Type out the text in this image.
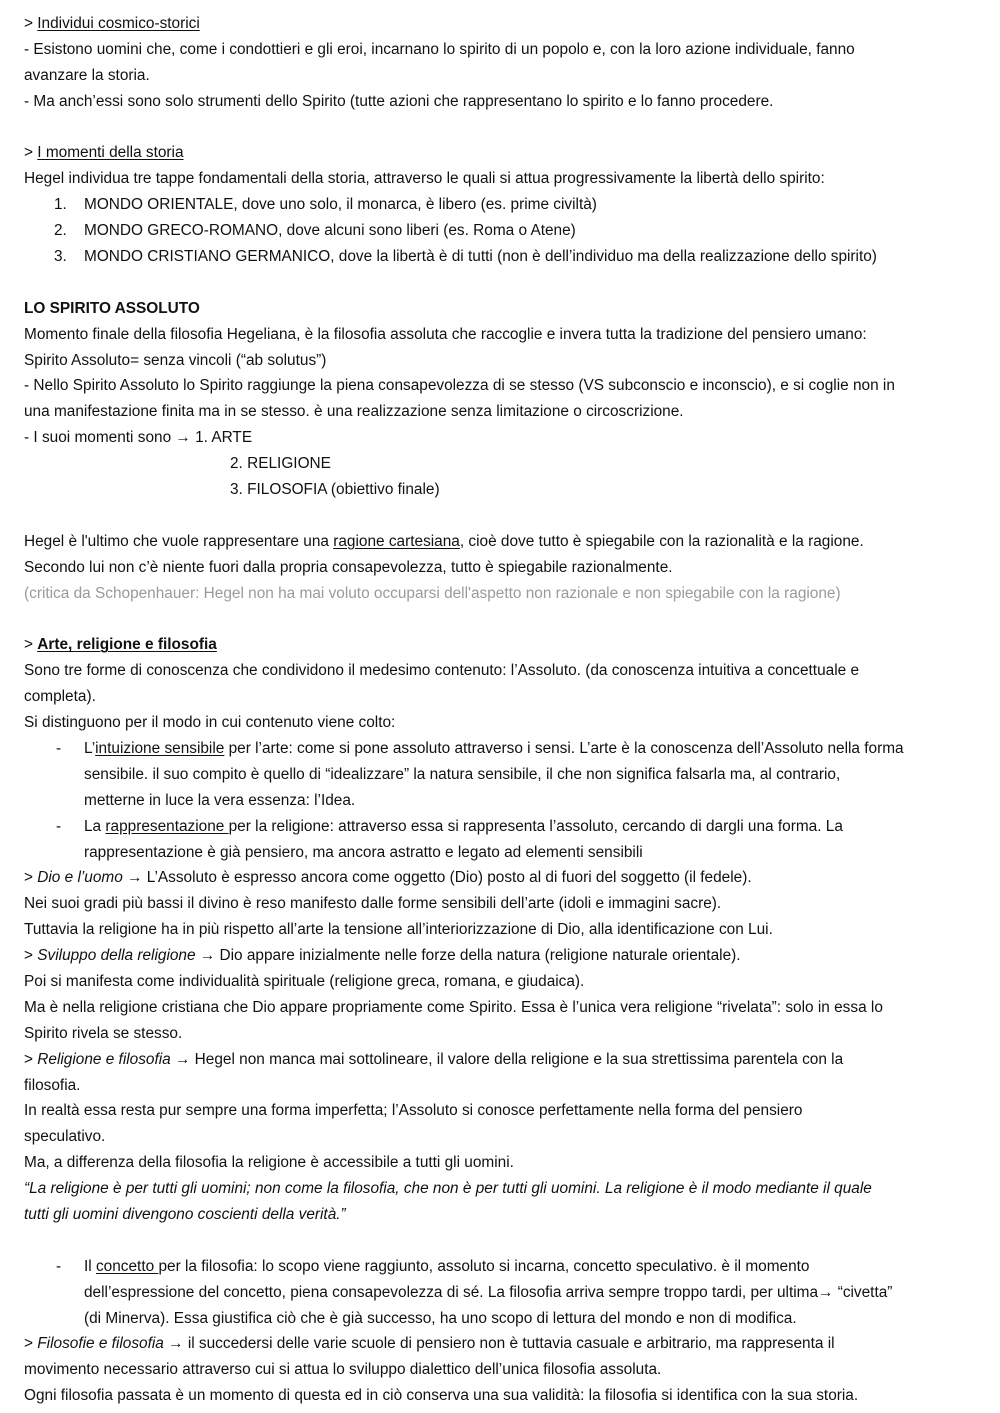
> Individui cosmico-storici
- Esistono uomini che, come i condottieri e gli eroi, incarnano lo spirito di un popolo e, con la loro azione individuale, fanno
avanzare la storia.
- Ma anch’essi sono solo strumenti dello Spirito (tutte azioni che rappresentano lo spirito e lo fanno procedere.
> I momenti della storia
Hegel individua tre tappe fondamentali della storia, attraverso le quali si attua progressivamente la libertà dello spirito:
1. MONDO ORIENTALE, dove uno solo, il monarca, è libero (es. prime civiltà)
2. MONDO GRECO-ROMANO, dove alcuni sono liberi (es. Roma o Atene)
3. MONDO CRISTIANO GERMANICO, dove la libertà è di tutti (non è dell’individuo ma della realizzazione dello spirito)
LO SPIRITO ASSOLUTO
Momento finale della filosofia Hegeliana, è la filosofia assoluta che raccoglie e invera tutta la tradizione del pensiero umano:
Spirito Assoluto= senza vincoli (“ab solutus”)
- Nello Spirito Assoluto lo Spirito raggiunge la piena consapevolezza di se stesso (VS subconscio e inconscio), e si coglie non in
una manifestazione finita ma in se stesso. è una realizzazione senza limitazione o circoscrizione.
- I suoi momenti sono → 1. ARTE
2. RELIGIONE
3. FILOSOFIA (obiettivo finale)
Hegel è l'ultimo che vuole rappresentare una ragione cartesiana, cioè dove tutto è spiegabile con la razionalità e la ragione.
Secondo lui non c’è niente fuori dalla propria consapevolezza, tutto è spiegabile razionalmente.
(critica da Schopenhauer: Hegel non ha mai voluto occuparsi dell'aspetto non razionale e non spiegabile con la ragione)
> Arte, religione e filosofia
Sono tre forme di conoscenza che condividono il medesimo contenuto: l’Assoluto. (da conoscenza intuitiva a concettuale e
completa).
Si distinguono per il modo in cui contenuto viene colto:
- L’intuizione sensibile per l’arte: come si pone assoluto attraverso i sensi. L’arte è la conoscenza dell’Assoluto nella forma
sensibile. il suo compito è quello di “idealizzare” la natura sensibile, il che non significa falsarla ma, al contrario,
metterne in luce la vera essenza: l’Idea.
- La rappresentazione per la religione: attraverso essa si rappresenta l’assoluto, cercando di dargli una forma. La
rappresentazione è già pensiero, ma ancora astratto e legato ad elementi sensibili
> Dio e l’uomo → L’Assoluto è espresso ancora come oggetto (Dio) posto al di fuori del soggetto (il fedele).
Nei suoi gradi più bassi il divino è reso manifesto dalle forme sensibili dell’arte (idoli e immagini sacre).
Tuttavia la religione ha in più rispetto all’arte la tensione all’interiorizzazione di Dio, alla identificazione con Lui.
> Sviluppo della religione → Dio appare inizialmente nelle forze della natura (religione naturale orientale).
Poi si manifesta come individualità spirituale (religione greca, romana, e giudaica).
Ma è nella religione cristiana che Dio appare propriamente come Spirito. Essa è l’unica vera religione “rivelata”: solo in essa lo
Spirito rivela se stesso.
> Religione e filosofia → Hegel non manca mai sottolineare, il valore della religione e la sua strettissima parentela con la
filosofia.
In realtà essa resta pur sempre una forma imperfetta; l’Assoluto si conosce perfettamente nella forma del pensiero
speculativo.
Ma, a differenza della filosofia la religione è accessibile a tutti gli uomini.
“La religione è per tutti gli uomini; non come la filosofia, che non è per tutti gli uomini. La religione è il modo mediante il quale
tutti gli uomini divengono coscienti della verità.”
- Il concetto per la filosofia: lo scopo viene raggiunto, assoluto si incarna, concetto speculativo. è il momento
dell’espressione del concetto, piena consapevolezza di sé. La filosofia arriva sempre troppo tardi, per ultima→ “civetta”
(di Minerva). Essa giustifica ciò che è già successo, ha uno scopo di lettura del mondo e non di modifica.
> Filosofie e filosofia → il succedersi delle varie scuole di pensiero non è tuttavia casuale e arbitrario, ma rappresenta il
movimento necessario attraverso cui si attua lo sviluppo dialettico dell’unica filosofia assoluta.
Ogni filosofia passata è un momento di questa ed in ciò conserva una sua validità: la filosofia si identifica con la sua storia.
